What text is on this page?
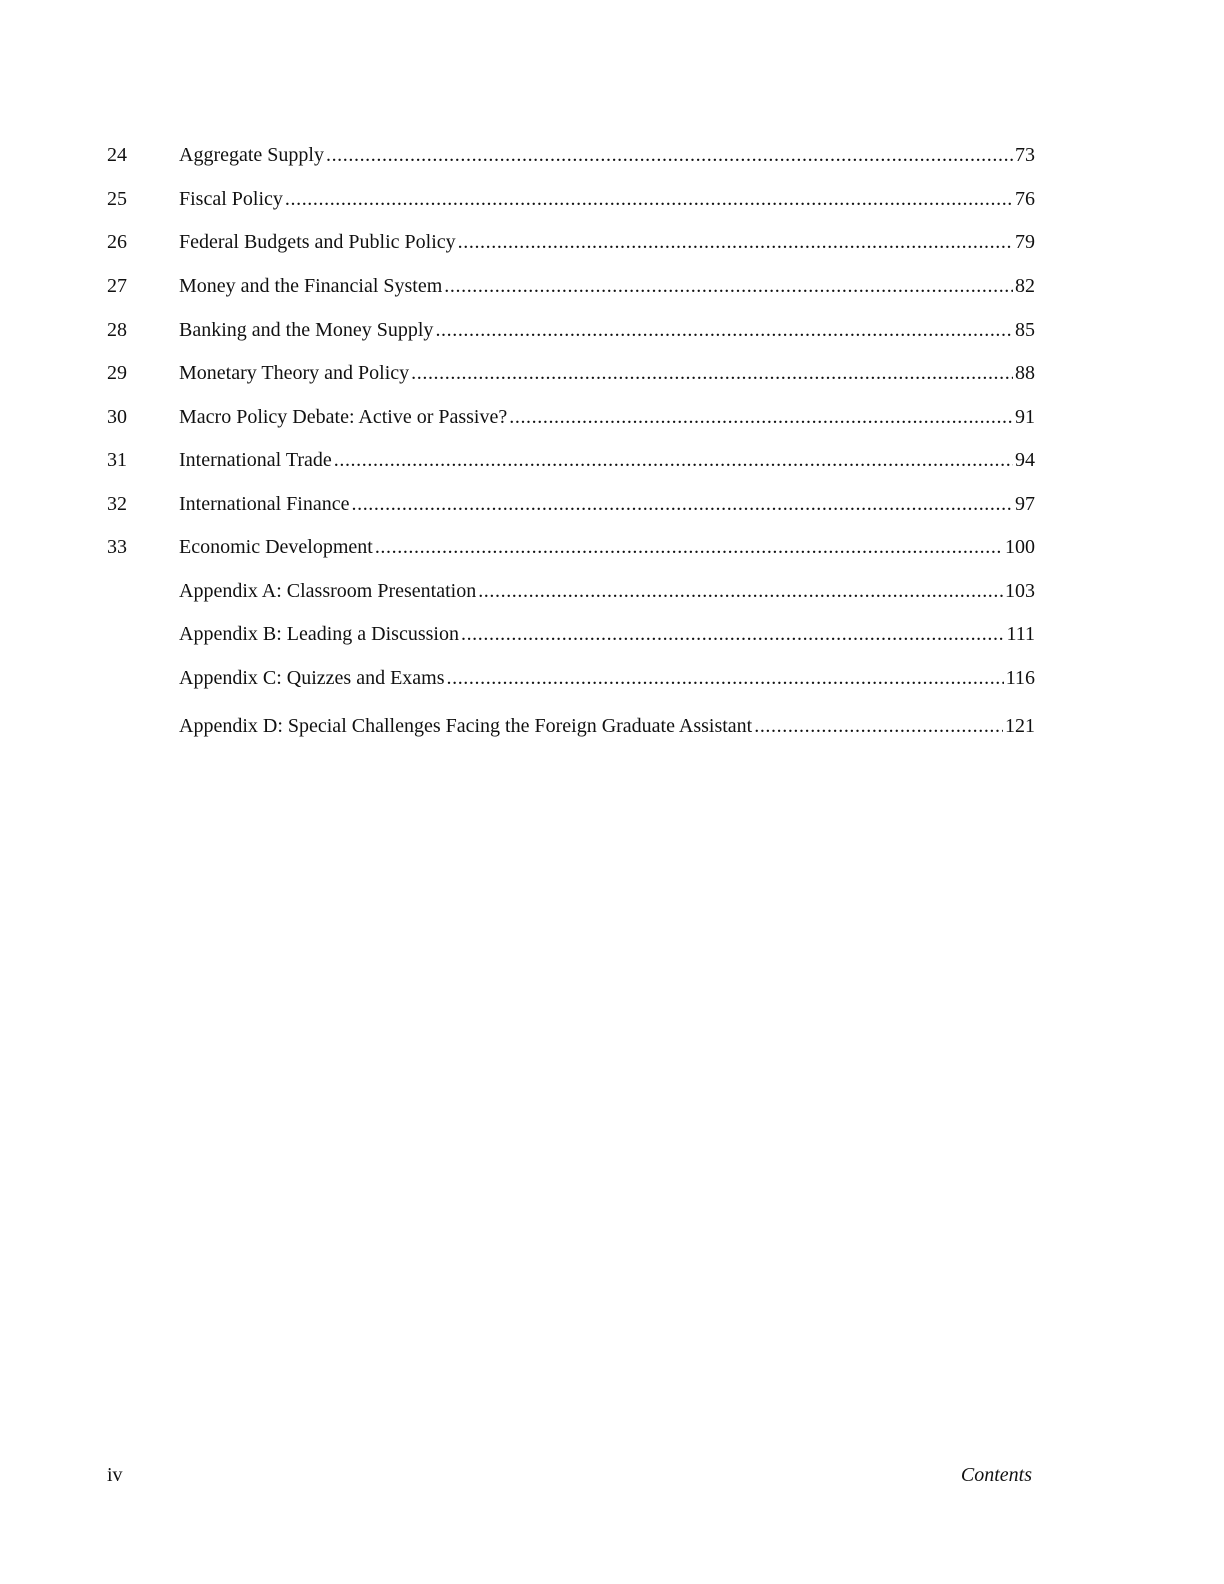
24	Aggregate Supply .....	73
25	Fiscal Policy .....	76
26	Federal Budgets and Public Policy .....	79
27	Money and the Financial System .....	82
28	Banking and the Money Supply .....	85
29	Monetary Theory and Policy .....	88
30	Macro Policy Debate: Active or Passive? .....	91
31	International Trade .....	94
32	International Finance .....	97
33	Economic Development .....	100
Appendix A: Classroom Presentation .....	103
Appendix B: Leading a Discussion .....	111
Appendix C: Quizzes and Exams .....	116
Appendix D: Special Challenges Facing the Foreign Graduate Assistant .....	121
iv	Contents
